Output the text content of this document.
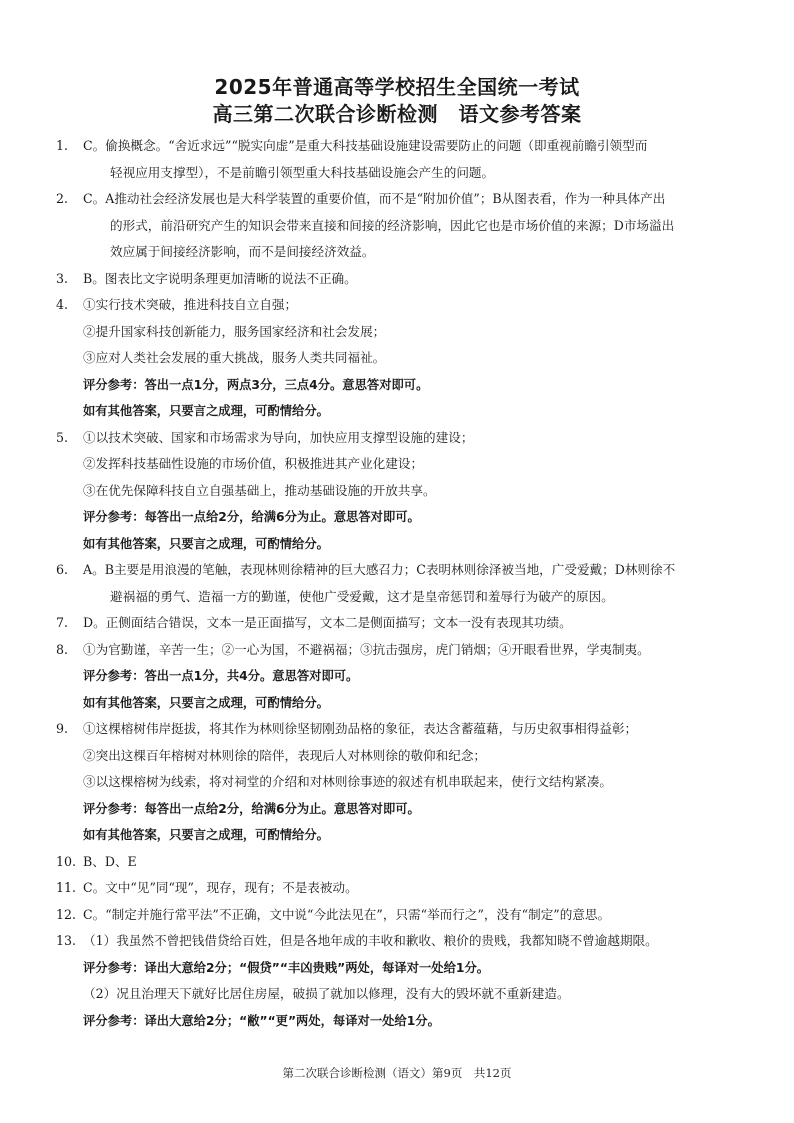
2025年普通高等学校招生全国统一考试
高三第二次联合诊断检测　语文参考答案
1.	C。偷换概念。“舍近求远”“脱实向虚”是重大科技基础设施建设需要防止的问题（即重视前瞻引领型而
轻视应用支撑型），不是前瞻引领型重大科技基础设施会产生的问题。
2.	C。A推动社会经济发展也是大科学装置的重要价值，而不是“附加价值”；B从图表看，作为一种具体产出
的形式，前沿研究产生的知识会带来直接和间接的经济影响，因此它也是市场价值的来源；D市场溢出
效应属于间接经济影响，而不是间接经济效益。
3.	B。图表比文字说明条理更加清晰的说法不正确。
4.	①实行技术突破，推进科技自立自强；
②提升国家科技创新能力，服务国家经济和社会发展；
③应对人类社会发展的重大挑战，服务人类共同福祉。
评分参考：答出一点1分，两点3分，三点4分。意思答对即可。
如有其他答案，只要言之成理，可酌情给分。
5.	①以技术突破、国家和市场需求为导向，加快应用支撑型设施的建设；
②发挥科技基础性设施的市场价值，积极推进其产业化建设；
③在优先保障科技自立自强基础上，推动基础设施的开放共享。
评分参考：每答出一点给2分，给满6分为止。意思答对即可。
如有其他答案，只要言之成理，可酌情给分。
6.	A。B主要是用浪漫的笔触，表现林则徐精神的巨大感召力；C表明林则徐泽被当地，广受爱戴；D林则徐不
避祸福的勇气、造福一方的勤谨，使他广受爱戴，这才是皇帝惩罚和羞辱行为破产的原因。
7.	D。正侧面结合错误，文本一是正面描写，文本二是侧面描写；文本一没有表现其功绩。
8.	①为官勤谨，辛苦一生；②一心为国，不避祸福；③抗击强房，虎门销烟；④开眼看世界，学夷制夷。
评分参考：答出一点1分，共4分。意思答对即可。
如有其他答案，只要言之成理，可酌情给分。
9.	①这棵榕树伟岸挺拔，将其作为林则徐坚韧刚劲品格的象征，表达含蓄蕴藉，与历史叙事相得益彰；
②突出这棵百年榕树对林则徐的陪伴，表现后人对林则徐的敬仰和纪念；
③以这棵榕树为线索，将对祠堂的介绍和对林则徐事迹的叙述有机串联起来，使行文结构紧凑。
评分参考：每答出一点给2分，给满6分为止。意思答对即可。
如有其他答案，只要言之成理，可酌情给分。
10. B、D、E
11. C。文中“见”同“现”，现存，现有；不是表被动。
12. C。“制定并施行常平法”不正确，文中说“今此法见在”，只需“举而行之”，没有“制定”的意思。
13. （1）我虽然不曾把钱借贷给百姓，但是各地年成的丰收和歉收、粮价的贵贱，我都知晓不曾逾越期限。
评分参考：译出大意给2分；“假贷”“丰凶贵贱”两处，每译对一处给1分。
（2）况且治理天下就好比居住房屋，破损了就加以修理，没有大的毁坏就不重新建造。
评分参考：译出大意给2分；“敝”“更”两处，每译对一处给1分。
第二次联合诊断检测（语文）第9页　共12页
